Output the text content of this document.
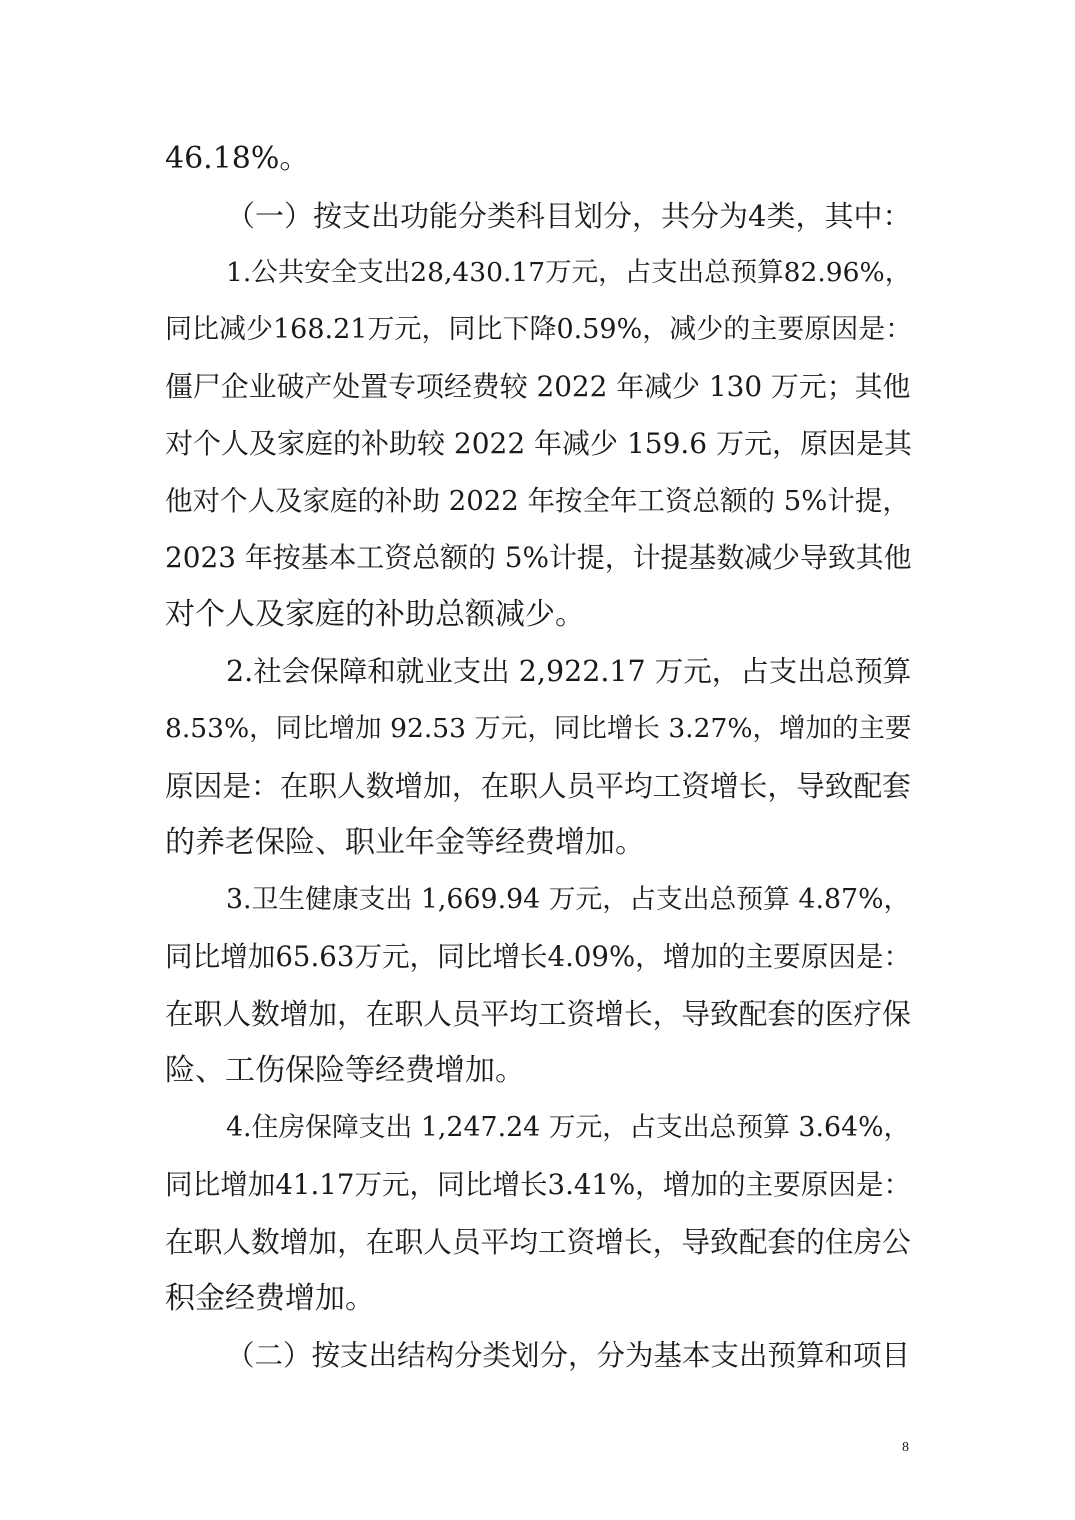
46.18%。
（一）按支出功能分类科目划分，共分为4类，其中：
1.公共安全支出28,430.17万元，占支出总预算82.96%，
同比减少168.21万元，同比下降0.59%，减少的主要原因是：
僵尸企业破产处置专项经费较 2022 年减少 130 万元；其他
对个人及家庭的补助较 2022 年减少 159.6 万元，原因是其
他对个人及家庭的补助 2022 年按全年工资总额的 5%计提，
2023 年按基本工资总额的 5%计提，计提基数减少导致其他
对个人及家庭的补助总额减少。
2.社会保障和就业支出 2,922.17 万元，占支出总预算
8.53%，同比增加 92.53 万元，同比增长 3.27%，增加的主要
原因是：在职人数增加，在职人员平均工资增长，导致配套
的养老保险、职业年金等经费增加。
3.卫生健康支出 1,669.94 万元，占支出总预算 4.87%，
同比增加65.63万元，同比增长4.09%，增加的主要原因是：
在职人数增加，在职人员平均工资增长，导致配套的医疗保
险、工伤保险等经费增加。
4.住房保障支出 1,247.24 万元，占支出总预算 3.64%，
同比增加41.17万元，同比增长3.41%，增加的主要原因是：
在职人数增加，在职人员平均工资增长，导致配套的住房公
积金经费增加。
（二）按支出结构分类划分，分为基本支出预算和项目
8
